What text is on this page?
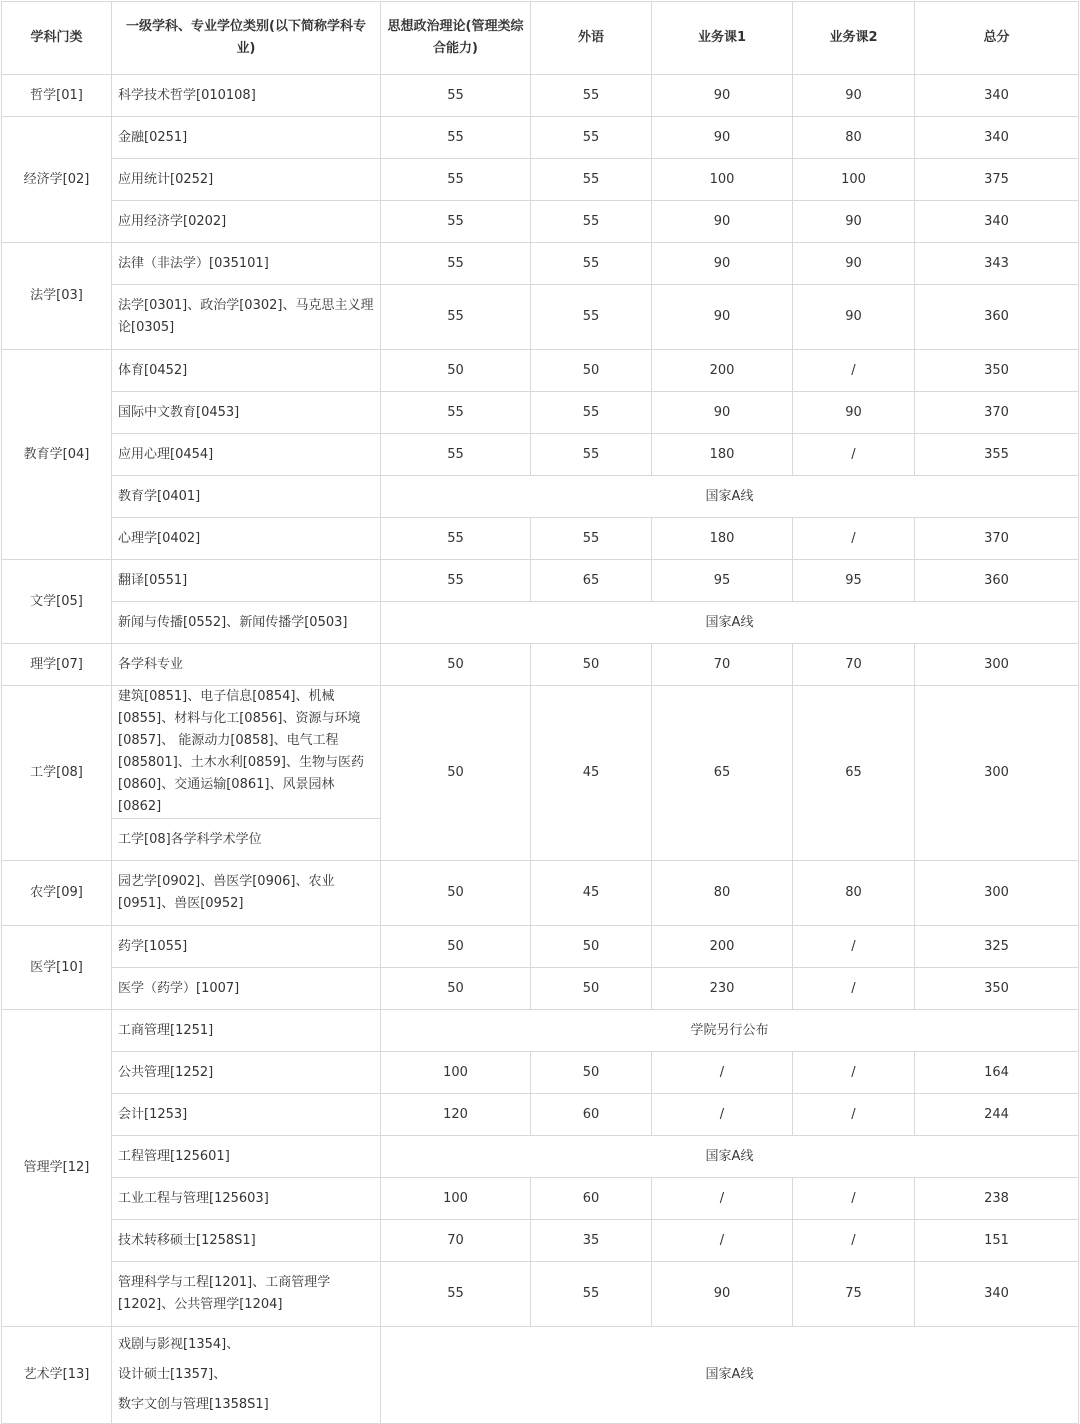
学科门类	一级学科、专业学位类别(以下简称学科专业)	思想政治理论(管理类综合能力)	外语	业务课1	业务课2	总分
哲学[01]	科学技术哲学[010108]	55	55	90	90	340
经济学[02]	金融[0251]	55	55	90	80	340
	应用统计[0252]	55	55	100	100	375
	应用经济学[0202]	55	55	90	90	340
法学[03]	法律（非法学）[035101]	55	55	90	90	343
	法学[0301]、政治学[0302]、马克思主义理论[0305]	55	55	90	90	360
教育学[04]	体育[0452]	50	50	200	/	350
	国际中文教育[0453]	55	55	90	90	370
	应用心理[0454]	55	55	180	/	355
	教育学[0401]	国家A线				
	心理学[0402]	55	55	180	/	370
文学[05]	翻译[0551]	55	65	95	95	360
	新闻与传播[0552]、新闻传播学[0503]	国家A线				
理学[07]	各学科专业	50	50	70	70	300
工学[08]	建筑[0851]、电子信息[0854]、机械[0855]、材料与化工[0856]、资源与环境[0857]、 能源动力[0858]、电气工程[085801]、土木水利[0859]、生物与医药[0860]、交通运输[0861]、风景园林[0862]	50	45	65	65	300
	工学[08]各学科学术学位					
农学[09]	园艺学[0902]、兽医学[0906]、农业[0951]、兽医[0952]	50	45	80	80	300
医学[10]	药学[1055]	50	50	200	/	325
	医学（药学）[1007]	50	50	230	/	350
管理学[12]	工商管理[1251]	学院另行公布				
	公共管理[1252]	100	50	/	/	164
	会计[1253]	120	60	/	/	244
	工程管理[125601]	国家A线				
	工业工程与管理[125603]	100	60	/	/	238
	技术转移硕士[1258S1]	70	35	/	/	151
	管理科学与工程[1201]、工商管理学[1202]、公共管理学[1204]	55	55	90	75	340
艺术学[13]	戏剧与影视[1354]、
设计硕士[1357]、
数字文创与管理[1358S1]	国家A线				
